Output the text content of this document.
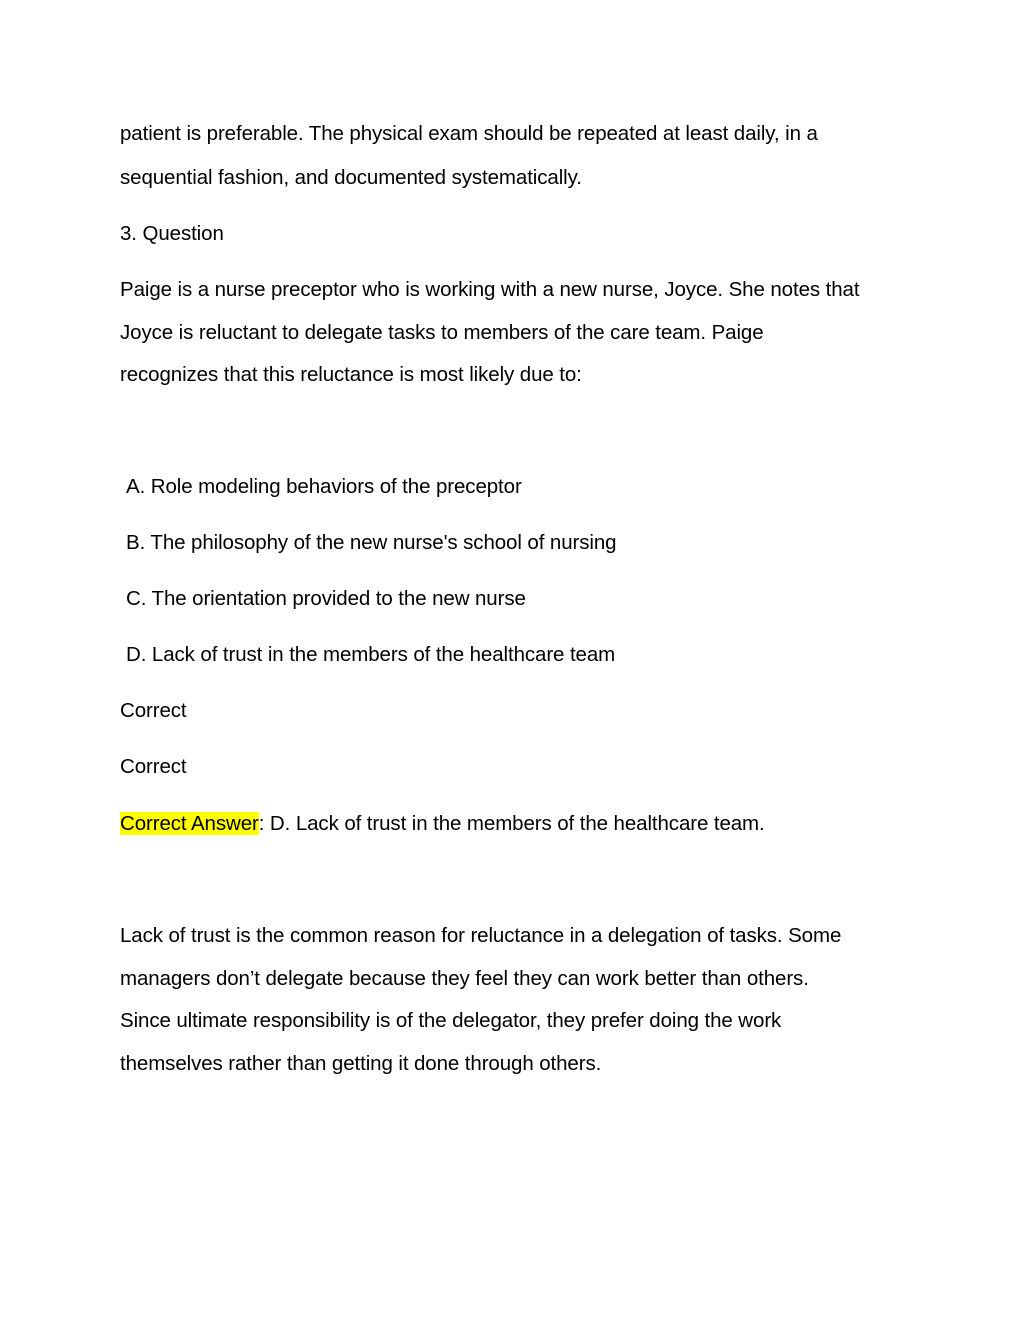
patient is preferable. The physical exam should be repeated at least daily, in a

sequential fashion, and documented systematically.

3. Question

Paige is a nurse preceptor who is working with a new nurse, Joyce. She notes that

Joyce is reluctant to delegate tasks to members of the care team. Paige

recognizes that this reluctance is most likely due to:

A. Role modeling behaviors of the preceptor

B. The philosophy of the new nurse's school of nursing

C. The orientation provided to the new nurse

D. Lack of trust in the members of the healthcare team

Correct

Correct

Correct Answer: D. Lack of trust in the members of the healthcare team.

Lack of trust is the common reason for reluctance in a delegation of tasks. Some

managers don’t delegate because they feel they can work better than others.

Since ultimate responsibility is of the delegator, they prefer doing the work

themselves rather than getting it done through others.
